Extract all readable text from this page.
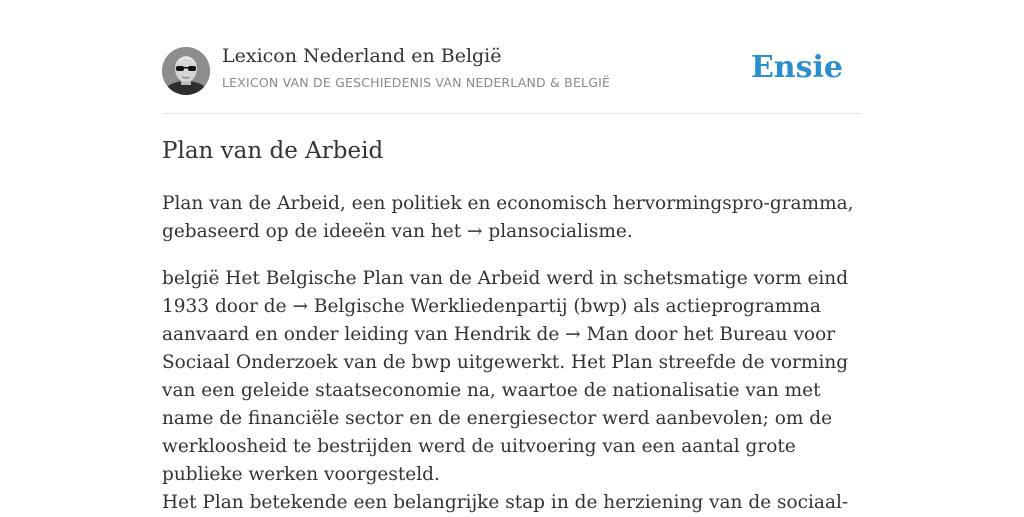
Lexicon Nederland en België
LEXICON VAN DE GESCHIEDENIS VAN NEDERLAND & BELGIË	Ensie
Plan van de Arbeid

Plan van de Arbeid, een politiek en economisch hervormingspro-gramma, gebaseerd op de ideeën van het → plansocialisme.

belgië Het Belgische Plan van de Arbeid werd in schetsmatige vorm eind 1933 door de → Belgische Werkliedenpartij (bwp) als actieprogramma aanvaard en onder leiding van Hendrik de → Man door het Bureau voor Sociaal Onderzoek van de bwp uitgewerkt. Het Plan streefde de vorming van een geleide staatseconomie na, waartoe de nationalisatie van met name de financiële sector en de energiesector werd aanbevolen; om de werkloosheid te bestrijden werd de uitvoering van een aantal grote publieke werken voorgesteld.

Het Plan betekende een belangrijke stap in de herziening van de sociaal-
